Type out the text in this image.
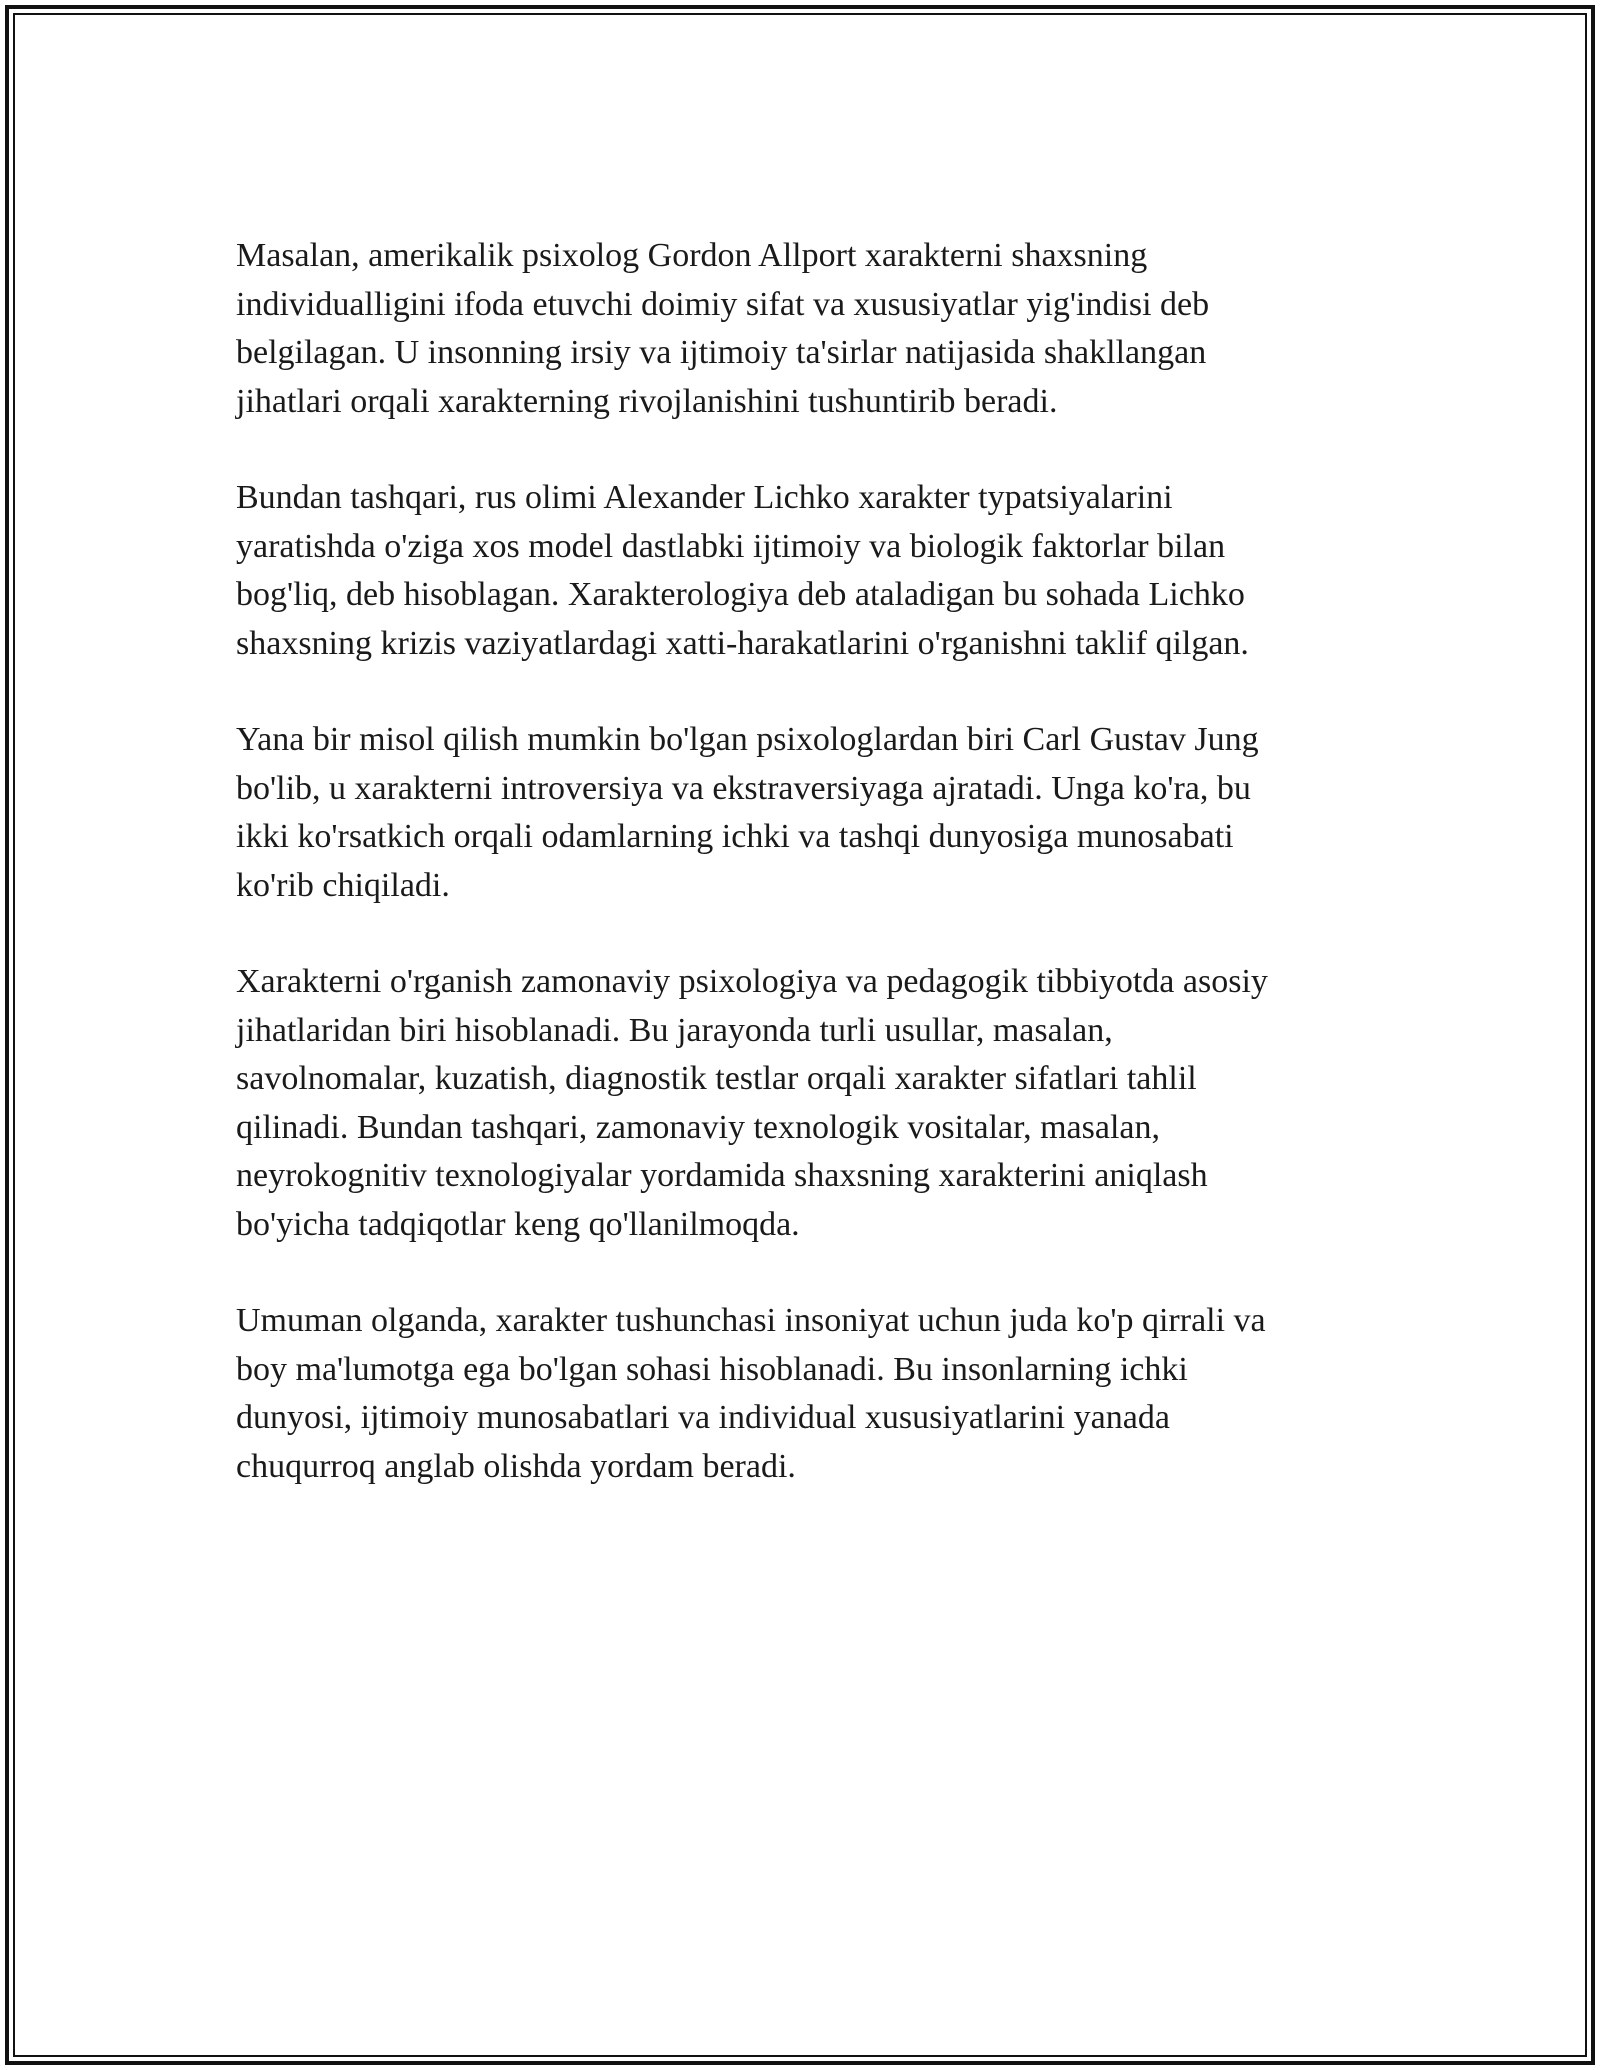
Masalan, amerikalik psixolog Gordon Allport xarakterni shaxsning
individualligini ifoda etuvchi doimiy sifat va xususiyatlar yig'indisi deb
belgilagan. U insonning irsiy va ijtimoiy ta'sirlar natijasida shakllangan
jihatlari orqali xarakterning rivojlanishini tushuntirib beradi.

Bundan tashqari, rus olimi Alexander Lichko xarakter typatsiyalarini
yaratishda o'ziga xos model dastlabki ijtimoiy va biologik faktorlar bilan
bog'liq, deb hisoblagan. Xarakterologiya deb ataladigan bu sohada Lichko
shaxsning krizis vaziyatlardagi xatti-harakatlarini o'rganishni taklif qilgan.

Yana bir misol qilish mumkin bo'lgan psixologlardan biri Carl Gustav Jung
bo'lib, u xarakterni introversiya va ekstraversiyaga ajratadi. Unga ko'ra, bu
ikki ko'rsatkich orqali odamlarning ichki va tashqi dunyosiga munosabati
ko'rib chiqiladi.

Xarakterni o'rganish zamonaviy psixologiya va pedagogik tibbiyotda asosiy
jihatlaridan biri hisoblanadi. Bu jarayonda turli usullar, masalan,
savolnomalar, kuzatish, diagnostik testlar orqali xarakter sifatlari tahlil
qilinadi. Bundan tashqari, zamonaviy texnologik vositalar, masalan,
neyrokognitiv texnologiyalar yordamida shaxsning xarakterini aniqlash
bo'yicha tadqiqotlar keng qo'llanilmoqda.

Umuman olganda, xarakter tushunchasi insoniyat uchun juda ko'p qirrali va
boy ma'lumotga ega bo'lgan sohasi hisoblanadi. Bu insonlarning ichki
dunyosi, ijtimoiy munosabatlari va individual xususiyatlarini yanada
chuqurroq anglab olishda yordam beradi.
